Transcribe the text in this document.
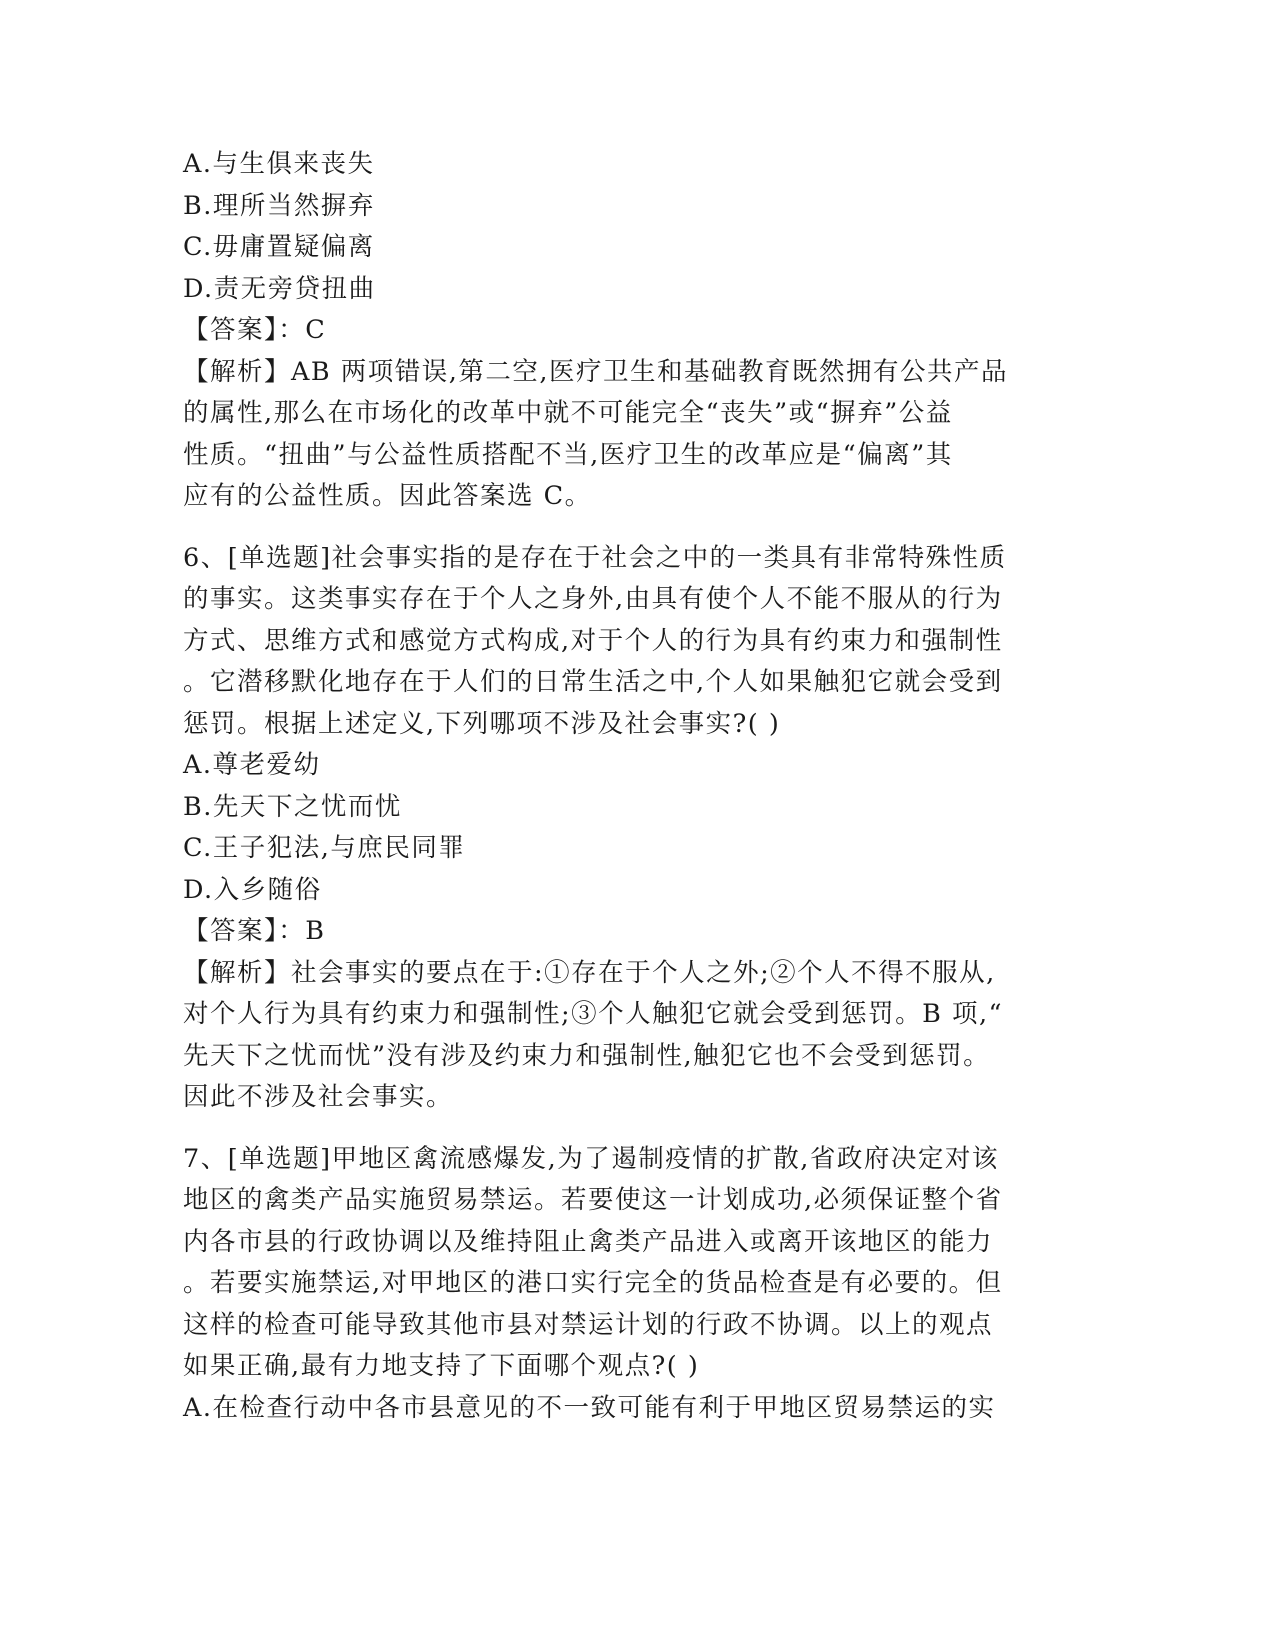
A.与生俱来丧失
B.理所当然摒弃
C.毋庸置疑偏离
D.责无旁贷扭曲
【答案】：C
【解析】AB 两项错误,第二空,医疗卫生和基础教育既然拥有公共产品
的属性,那么在市场化的改革中就不可能完全“丧失”或“摒弃”公益
性质。“扭曲”与公益性质搭配不当,医疗卫生的改革应是“偏离”其
应有的公益性质。因此答案选 C。
6、[单选题]社会事实指的是存在于社会之中的一类具有非常特殊性质
的事实。这类事实存在于个人之身外,由具有使个人不能不服从的行为
方式、思维方式和感觉方式构成,对于个人的行为具有约束力和强制性
。它潜移默化地存在于人们的日常生活之中,个人如果触犯它就会受到
惩罚。根据上述定义,下列哪项不涉及社会事实?( )
A.尊老爱幼
B.先天下之忧而忧
C.王子犯法,与庶民同罪
D.入乡随俗
【答案】：B
【解析】社会事实的要点在于:①存在于个人之外;②个人不得不服从,
对个人行为具有约束力和强制性;③个人触犯它就会受到惩罚。B 项,“
先天下之忧而忧”没有涉及约束力和强制性,触犯它也不会受到惩罚。
因此不涉及社会事实。
7、[单选题]甲地区禽流感爆发,为了遏制疫情的扩散,省政府决定对该
地区的禽类产品实施贸易禁运。若要使这一计划成功,必须保证整个省
内各市县的行政协调以及维持阻止禽类产品进入或离开该地区的能力
。若要实施禁运,对甲地区的港口实行完全的货品检查是有必要的。但
这样的检查可能导致其他市县对禁运计划的行政不协调。以上的观点
如果正确,最有力地支持了下面哪个观点?( )
A.在检查行动中各市县意见的不一致可能有利于甲地区贸易禁运的实
